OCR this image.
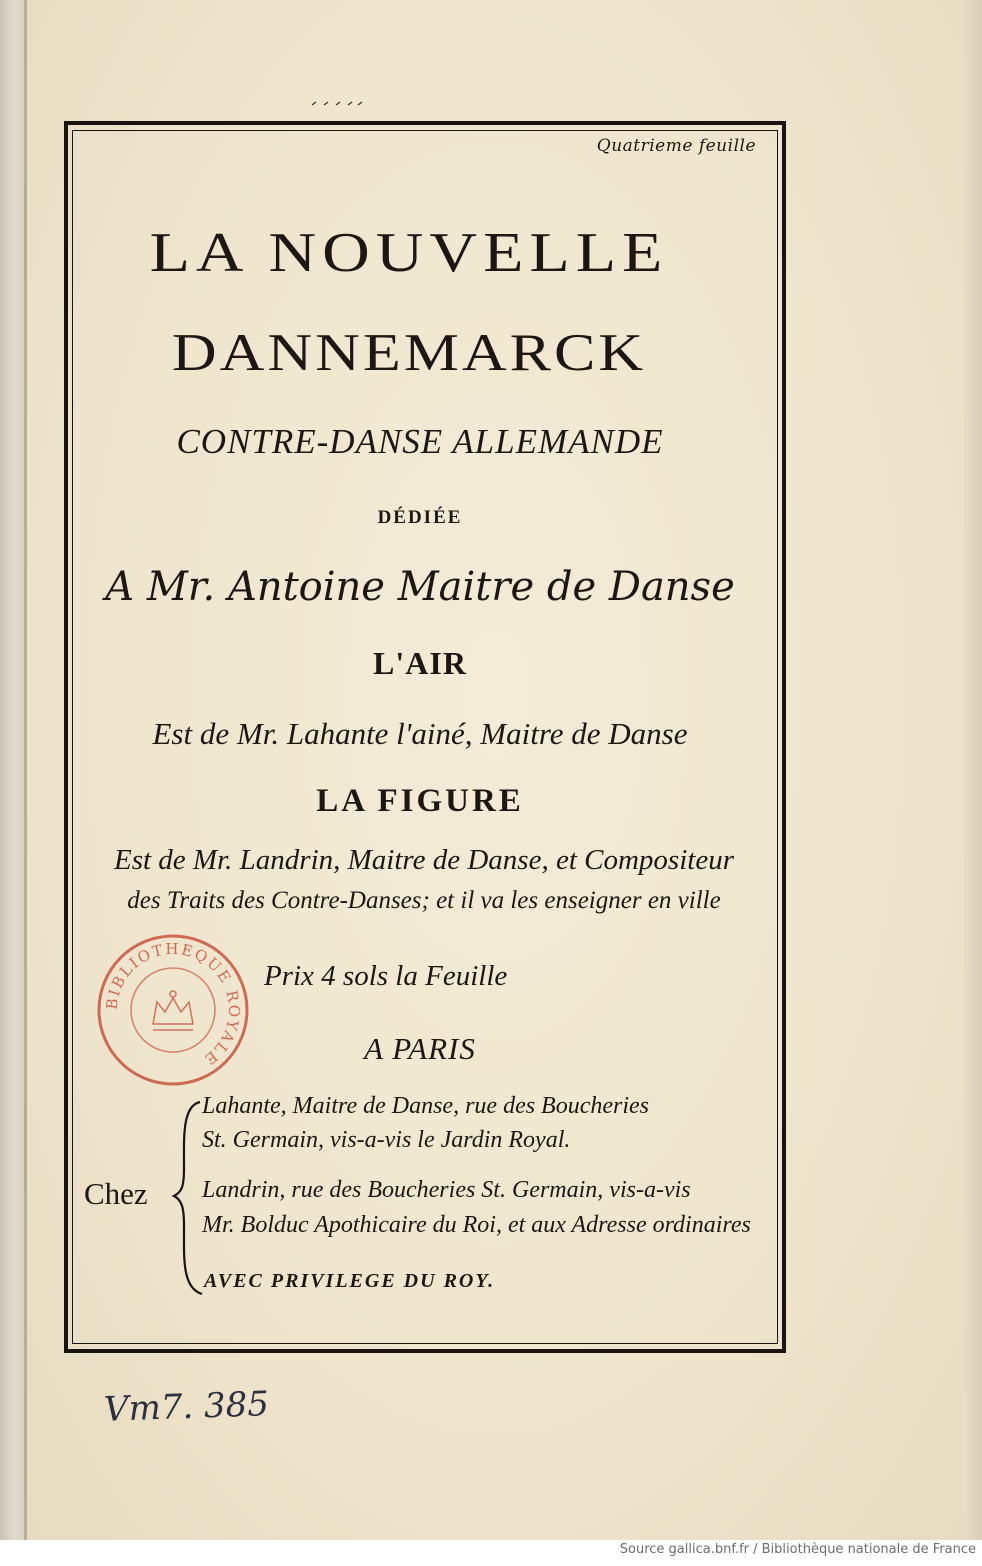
Quatrieme feuille
LA NOUVELLE
DANNEMARCK
CONTRE-DANSE ALLEMANDE
DÉDIÉE
A Mr. Antoine Maitre de Danse
L'AIR
Est de Mr. Lahante l'ainé, Maitre de Danse
LA FIGURE
Est de Mr. Landrin, Maitre de Danse, et Compositeur
des Traits des Contre-Danses; et il va les enseigner en ville
BIBLIOTHEQUE ROYALE
Prix 4 sols la Feuille
A PARIS
Chez
Lahante, Maitre de Danse, rue des Boucheries
St. Germain, vis-a-vis le Jardin Royal.
Landrin, rue des Boucheries St. Germain, vis-a-vis
Mr. Bolduc Apothicaire du Roi, et aux Adresse ordinaires
AVEC PRIVILEGE DU ROY.
Vm7. 385
Source gallica.bnf.fr / Bibliothèque nationale de France
